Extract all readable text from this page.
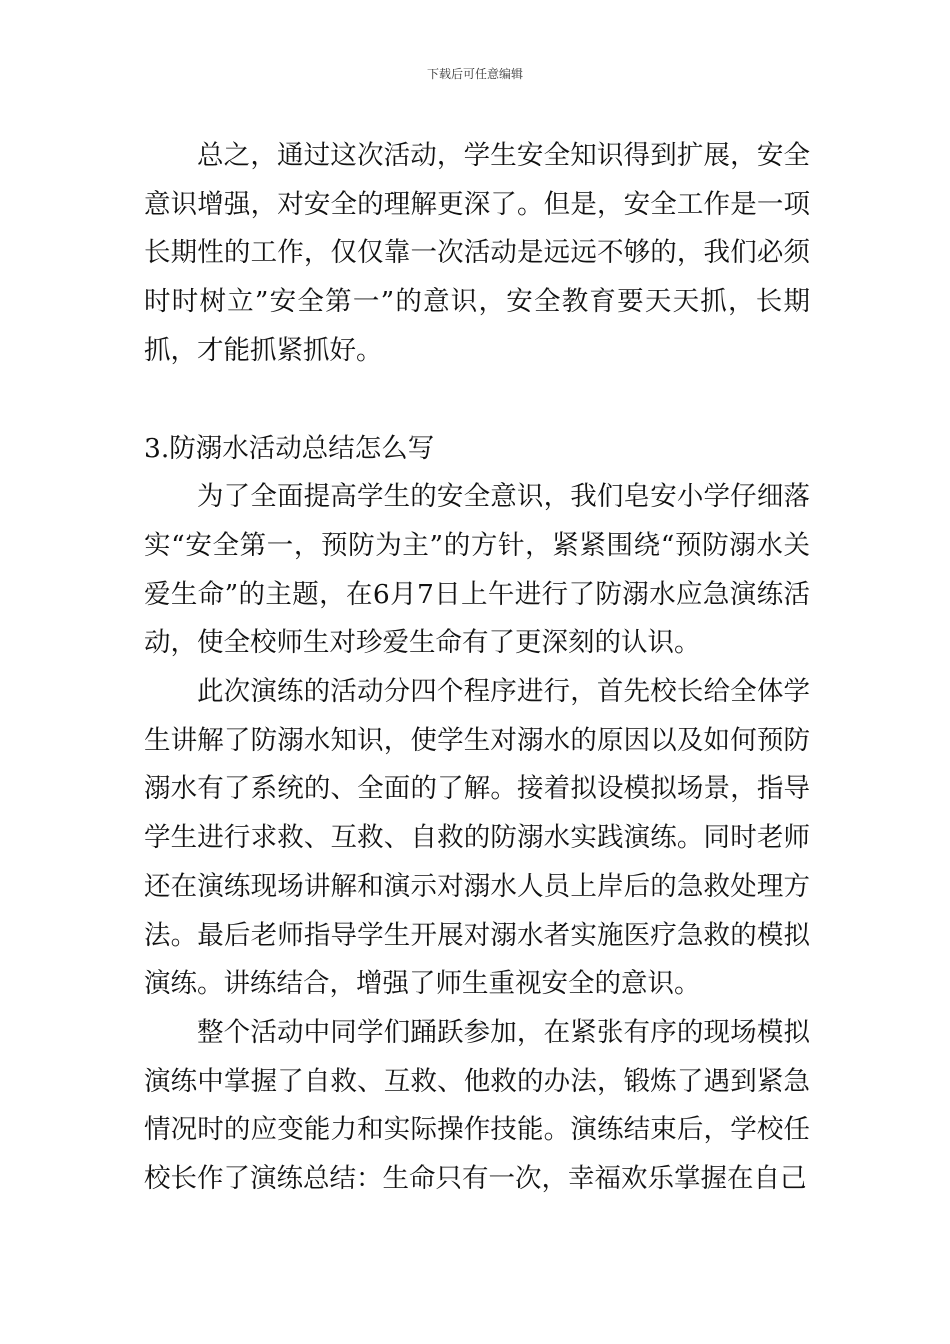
下载后可任意编辑

总之，通过这次活动，学生安全知识得到扩展，安全意识增强，对安全的理解更深了。但是，安全工作是一项长期性的工作，仅仅靠一次活动是远远不够的，我们必须时时树立”安全第一”的意识，安全教育要天天抓，长期抓，才能抓紧抓好。

3.防溺水活动总结怎么写

为了全面提高学生的安全意识，我们皂安小学仔细落实“安全第一，预防为主”的方针，紧紧围绕“预防溺水关爱生命”的主题，在6月7日上午进行了防溺水应急演练活动，使全校师生对珍爱生命有了更深刻的认识。

此次演练的活动分四个程序进行，首先校长给全体学生讲解了防溺水知识，使学生对溺水的原因以及如何预防溺水有了系统的、全面的了解。接着拟设模拟场景，指导学生进行求救、互救、自救的防溺水实践演练。同时老师还在演练现场讲解和演示对溺水人员上岸后的急救处理方法。最后老师指导学生开展对溺水者实施医疗急救的模拟演练。讲练结合，增强了师生重视安全的意识。

整个活动中同学们踊跃参加，在紧张有序的现场模拟演练中掌握了自救、互救、他救的办法，锻炼了遇到紧急情况时的应变能力和实际操作技能。演练结束后，学校任校长作了演练总结：生命只有一次，幸福欢乐掌握在自己
